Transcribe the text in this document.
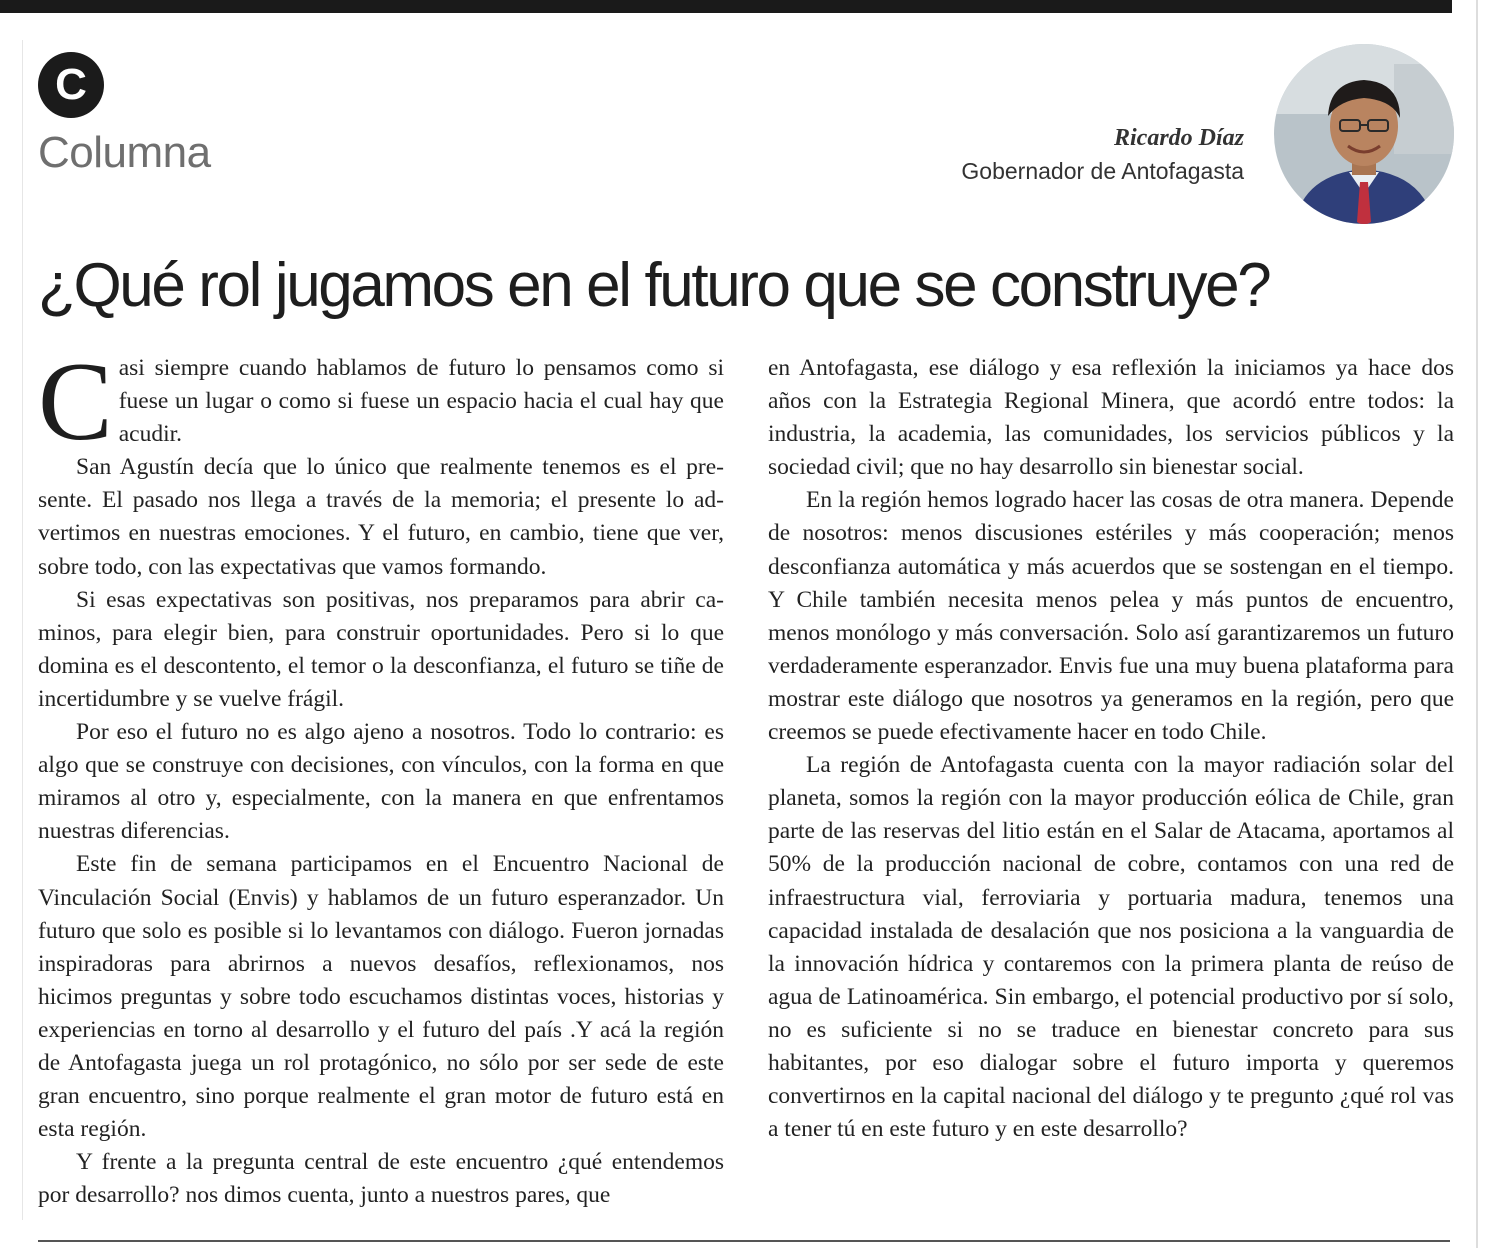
C
Columna	Ricardo Díaz
Gobernador de Antofagasta
¿Qué rol jugamos en el futuro que se construye?

Casi siempre cuando hablamos de futuro lo pensamos como si fuese un lugar o como si fuese un espacio hacia el cual hay que acudir.

San Agustín decía que lo único que realmente tenemos es el presente. El pasado nos llega a través de la memoria; el presente lo advertimos en nuestras emociones. Y el futuro, en cambio, tiene que ver, sobre todo, con las expectativas que vamos formando.

Si esas expectativas son positivas, nos preparamos para abrir caminos, para elegir bien, para construir oportunidades. Pero si lo que domina es el descontento, el temor o la desconfianza, el futuro se tiñe de incertidumbre y se vuelve frágil.

Por eso el futuro no es algo ajeno a nosotros. Todo lo contrario: es algo que se construye con decisiones, con vínculos, con la forma en que miramos al otro y, especialmente, con la manera en que enfrentamos nuestras diferencias.

Este fin de semana participamos en el Encuentro Nacional de Vinculación Social (Envis) y hablamos de un futuro esperanzador. Un futuro que solo es posible si lo levantamos con diálogo. Fueron jornadas inspiradoras para abrirnos a nuevos desafíos, reflexionamos, nos hicimos preguntas y sobre todo escuchamos distintas voces, historias y experiencias en torno al desarrollo y el futuro del país .Y acá la región de Antofagasta juega un rol protagónico, no sólo por ser sede de este gran encuentro, sino porque realmente el gran motor de futuro está en esta región.

Y frente a la pregunta central de este encuentro ¿qué entendemos por desarrollo? nos dimos cuenta, junto a nuestros pares, que

en Antofagasta, ese diálogo y esa reflexión la iniciamos ya hace dos años con la Estrategia Regional Minera, que acordó entre todos: la industria, la academia, las comunidades, los servicios públicos y la sociedad civil; que no hay desarrollo sin bienestar social.

En la región hemos logrado hacer las cosas de otra manera. Depende de nosotros: menos discusiones estériles y más cooperación; menos desconfianza automática y más acuerdos que se sostengan en el tiempo. Y Chile también necesita menos pelea y más puntos de encuentro, menos monólogo y más conversación. Solo así garantizaremos un futuro verdaderamente esperanzador. Envis fue una muy buena plataforma para mostrar este diálogo que nosotros ya generamos en la región, pero que creemos se puede efectivamente hacer en todo Chile.

La región de Antofagasta cuenta con la mayor radiación solar del planeta, somos la región con la mayor producción eólica de Chile, gran parte de las reservas del litio están en el Salar de Atacama, aportamos al 50% de la producción nacional de cobre, contamos con una red de infraestructura vial, ferroviaria y portuaria madura, tenemos una capacidad instalada de desalación que nos posiciona a la vanguardia de la innovación hídrica y contaremos con la primera planta de reúso de agua de Latinoamérica. Sin embargo, el potencial productivo por sí solo, no es suficiente si no se traduce en bienestar concreto para sus habitantes, por eso dialogar sobre el futuro importa y queremos convertirnos en la capital nacional del diálogo y te pregunto ¿qué rol vas a tener tú en este futuro y en este desarrollo?
